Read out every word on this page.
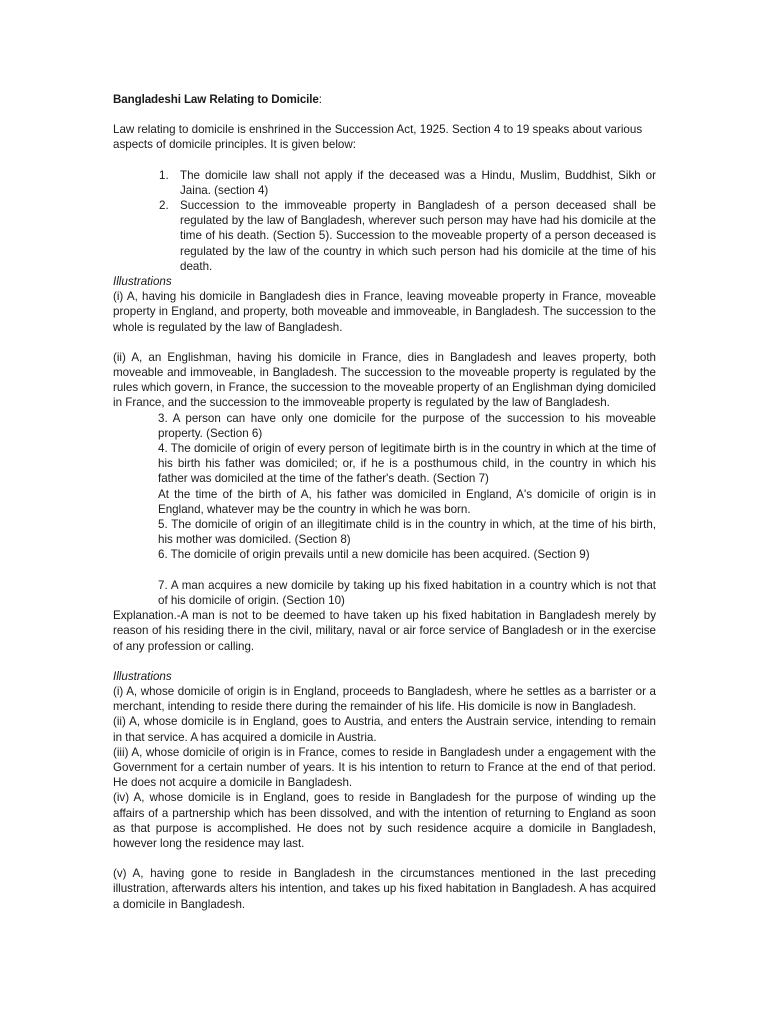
Bangladeshi Law Relating to Domicile:

Law relating to domicile is enshrined in the Succession Act, 1925. Section 4 to 19 speaks about various aspects of domicile principles. It is given below:

1. The domicile law shall not apply if the deceased was a Hindu, Muslim, Buddhist, Sikh or Jaina. (section 4)
2. Succession to the immoveable property in Bangladesh of a person deceased shall be regulated by the law of Bangladesh, wherever such person may have had his domicile at the time of his death. (Section 5). Succession to the moveable property of a person deceased is regulated by the law of the country in which such person had his domicile at the time of his death.

Illustrations

(i) A, having his domicile in Bangladesh dies in France, leaving moveable property in France, moveable property in England, and property, both moveable and immoveable, in Bangladesh. The succession to the whole is regulated by the law of Bangladesh.

(ii) A, an Englishman, having his domicile in France, dies in Bangladesh and leaves property, both moveable and immoveable, in Bangladesh. The succession to the moveable property is regulated by the rules which govern, in France, the succession to the moveable property of an Englishman dying domiciled in France, and the succession to the immoveable property is regulated by the law of Bangladesh.

3. A person can have only one domicile for the purpose of the succession to his moveable property. (Section 6)

4. The domicile of origin of every person of legitimate birth is in the country in which at the time of his birth his father was domiciled; or, if he is a posthumous child, in the country in which his father was domiciled at the time of the father's death. (Section 7)

At the time of the birth of A, his father was domiciled in England, A's domicile of origin is in England, whatever may be the country in which he was born.

5. The domicile of origin of an illegitimate child is in the country in which, at the time of his birth, his mother was domiciled. (Section 8)

6. The domicile of origin prevails until a new domicile has been acquired. (Section 9)

7. A man acquires a new domicile by taking up his fixed habitation in a country which is not that of his domicile of origin. (Section 10)

Explanation.-A man is not to be deemed to have taken up his fixed habitation in Bangladesh merely by reason of his residing there in the civil, military, naval or air force service of Bangladesh or in the exercise of any profession or calling.

Illustrations

(i) A, whose domicile of origin is in England, proceeds to Bangladesh, where he settles as a barrister or a merchant, intending to reside there during the remainder of his life. His domicile is now in Bangladesh.

(ii) A, whose domicile is in England, goes to Austria, and enters the Austrain service, intending to remain in that service. A has acquired a domicile in Austria.

(iii) A, whose domicile of origin is in France, comes to reside in Bangladesh under a engagement with the Government for a certain number of years. It is his intention to return to France at the end of that period. He does not acquire a domicile in Bangladesh.

(iv) A, whose domicile is in England, goes to reside in Bangladesh for the purpose of winding up the affairs of a partnership which has been dissolved, and with the intention of returning to England as soon as that purpose is accomplished. He does not by such residence acquire a domicile in Bangladesh, however long the residence may last.

(v) A, having gone to reside in Bangladesh in the circumstances mentioned in the last preceding illustration, afterwards alters his intention, and takes up his fixed habitation in Bangladesh. A has acquired a domicile in Bangladesh.
